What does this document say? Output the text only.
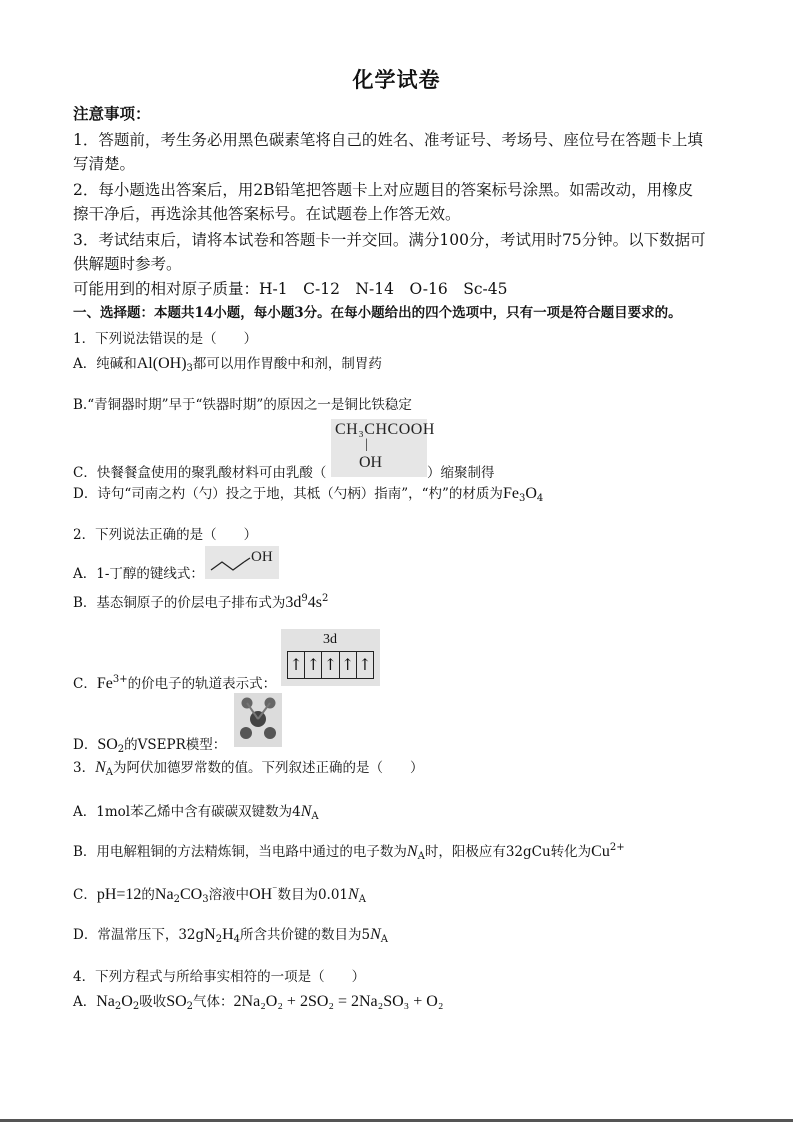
化学试卷
注意事项：
1．答题前，考生务必用黑色碳素笔将自己的姓名、准考证号、考场号、座位号在答题卡上填
写清楚。
2．每小题选出答案后，用2B铅笔把答题卡上对应题目的答案标号涂黑。如需改动，用橡皮
擦干净后，再选涂其他答案标号。在试题卷上作答无效。
3．考试结束后，请将本试卷和答题卡一并交回。满分100分，考试用时75分钟。以下数据可
供解题时参考。
可能用到的相对原子质量：H-1　C-12　N-14　O-16　Sc-45
一、选择题：本题共14小题，每小题3分。在每小题给出的四个选项中，只有一项是符合题目要求的。
1．下列说法错误的是（　　）
A．纯碱和$Al(OH)_3$都可以用作胃酸中和剂，制胃药
B.“青铜器时期”早于“铁器时期”的原因之一是铜比铁稳定
CH₃CHCOOH
|
OH
C．快餐餐盒使用的聚乳酸材料可由乳酸（	）缩聚制得
D．诗句“司南之杓（勺）投之于地，其柢（勺柄）指南”，“杓”的材质为$Fe_3O_4$
2．下列说法正确的是（　　）
A．1-丁醇的键线式：
OH
B．基态铜原子的价层电子排布式为$3d^94s^2$
3d
↑ ↑ ↑ ↑ ↑
C．$Fe^{3+}$的价电子的轨道表示式：
D．$SO_2$的VSEPR模型：
3．$N_A$为阿伏加德罗常数的值。下列叙述正确的是（　　）
A．1mol苯乙烯中含有碳碳双键数为$4N_A$
B．用电解粗铜的方法精炼铜，当电路中通过的电子数为$N_A$时，阳极应有32gCu转化为$Cu^{2+}$
C．pH=12的$Na_2CO_3$溶液中OH⁻数目为$0.01N_A$
D．常温常压下，$32gN_2H_4$所含共价键的数目为$5N_A$
4．下列方程式与所给事实相符的一项是（　　）
A．$Na_2O_2$吸收$SO_2$气体：2Na₂O₂ + 2SO₂ = 2Na₂SO₃ + O₂
